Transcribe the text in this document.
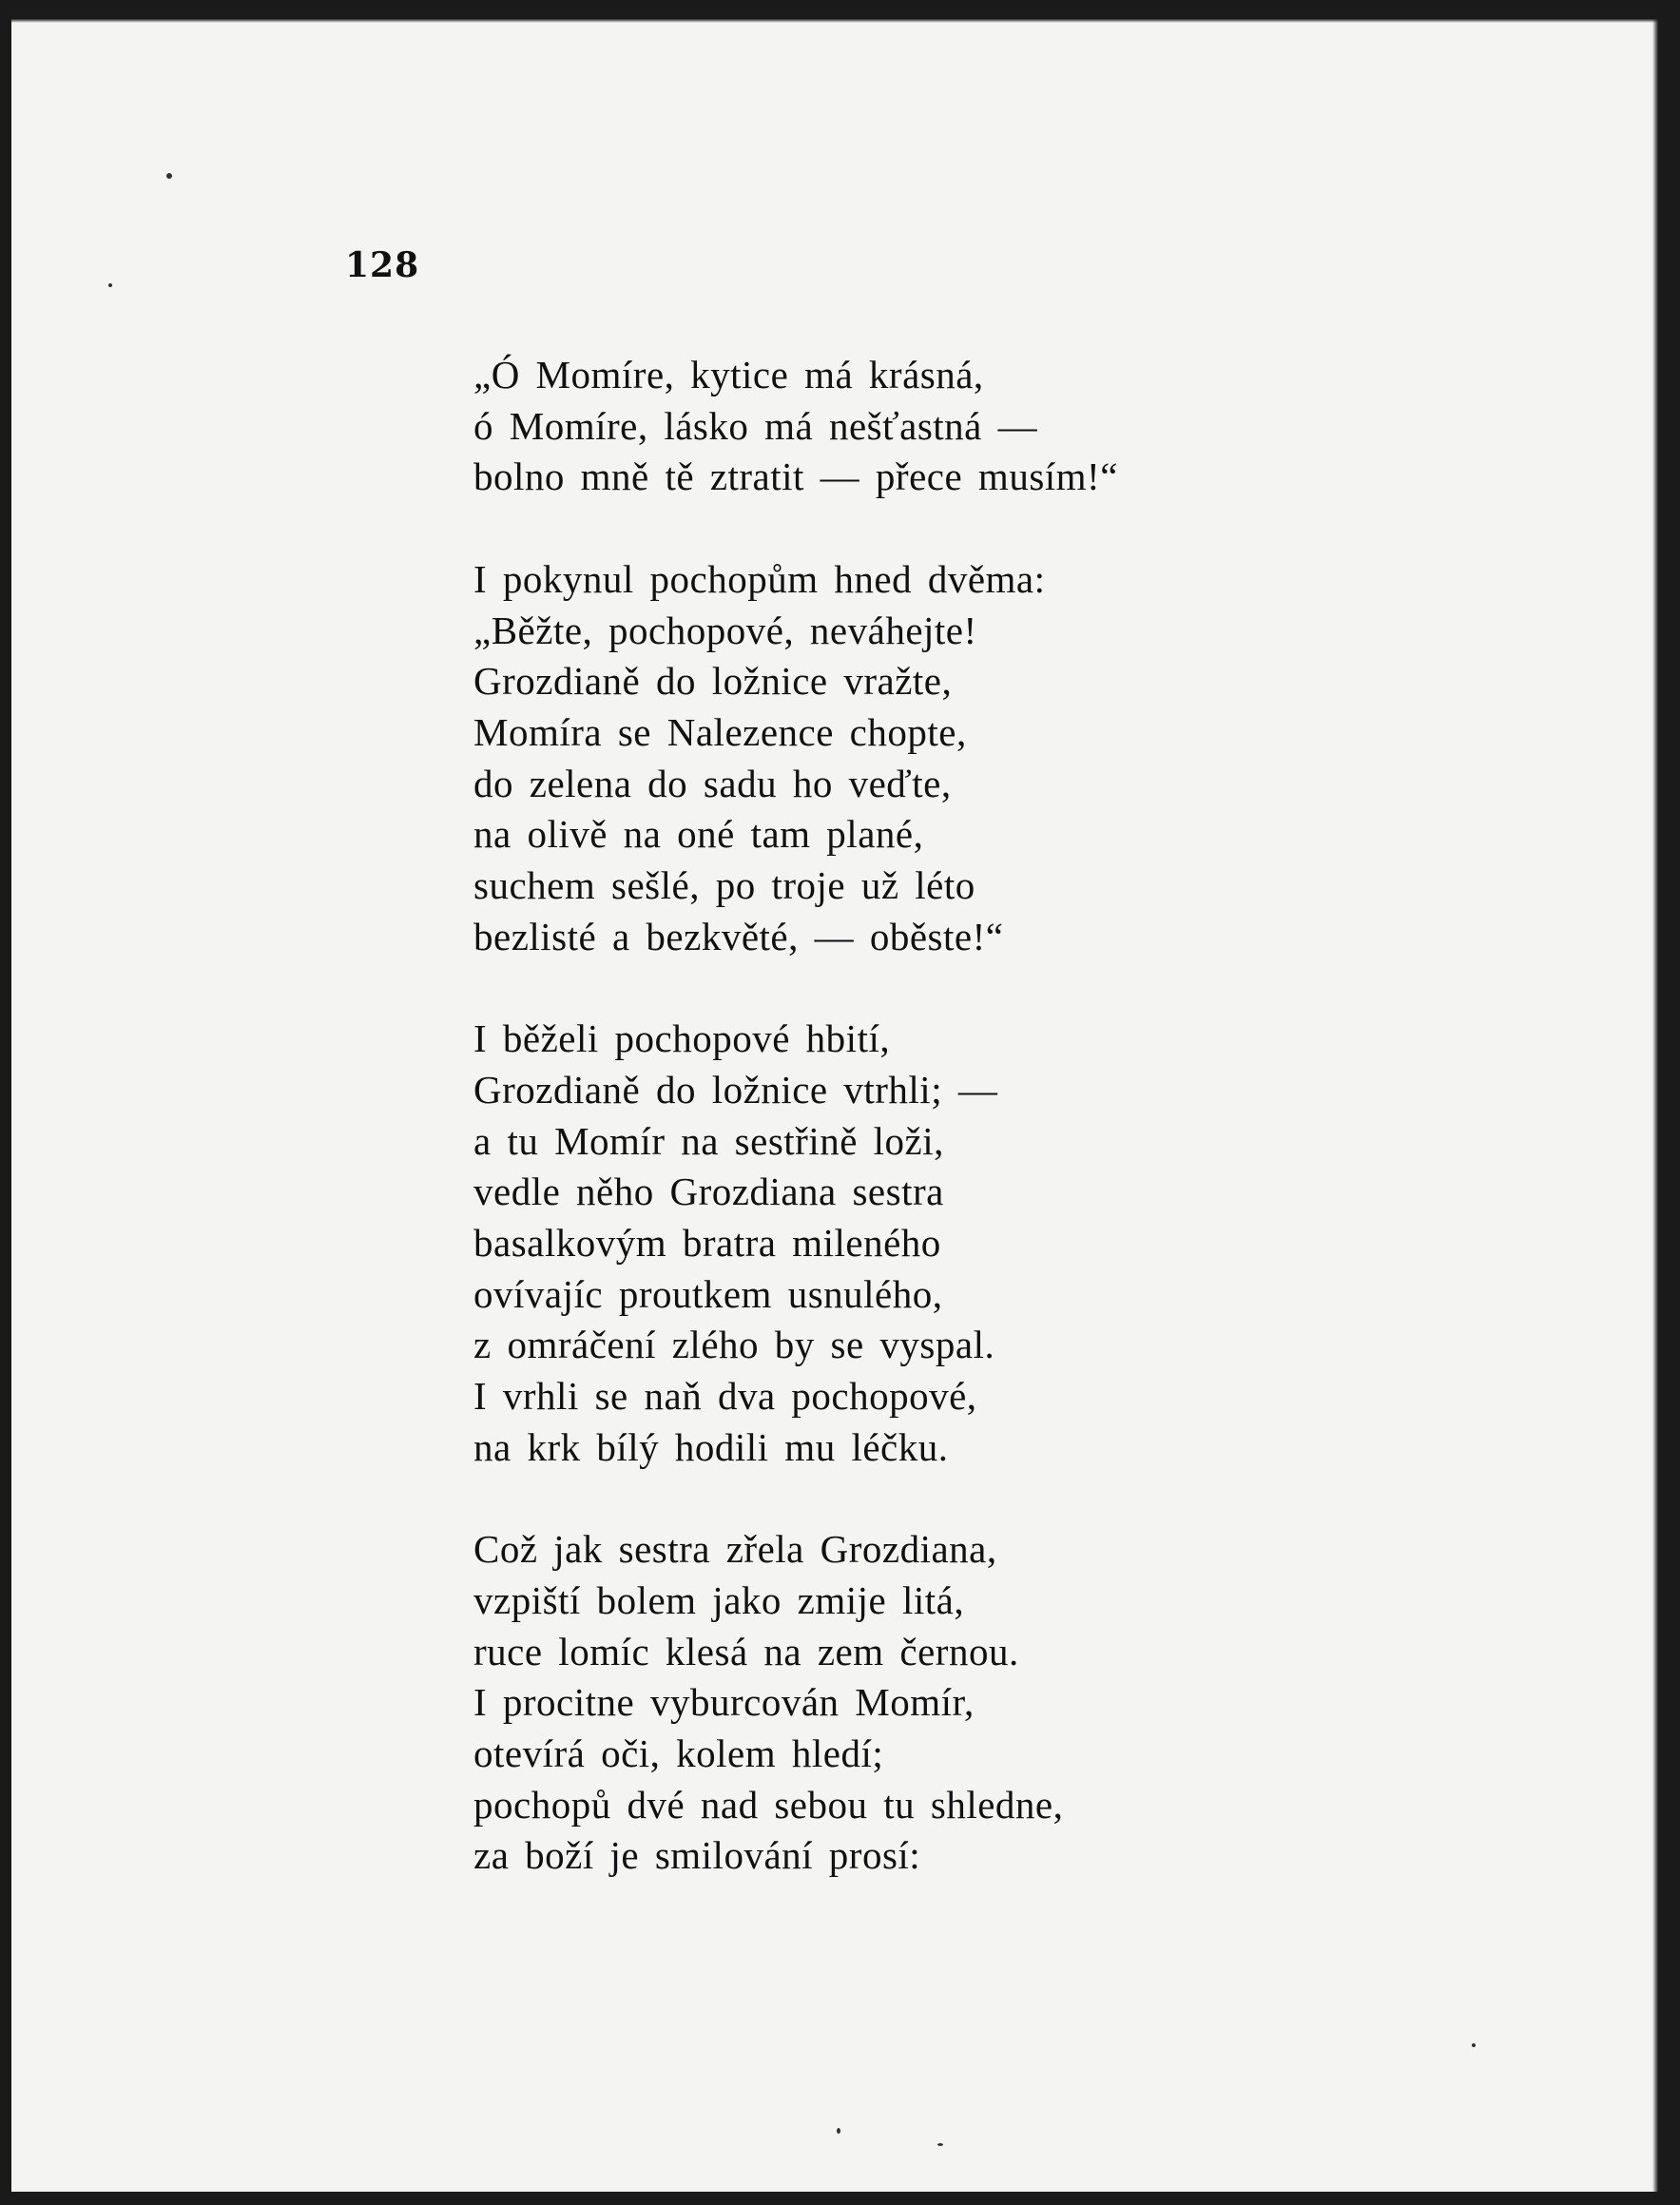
128

„Ó Momíre, kytice má krásná,
ó Momíre, lásko má nešťastná —
bolno mně tě ztratit — přece musím!“
I pokynul pochopům hned dvěma:
„Běžte, pochopové, neváhejte!
Grozdianě do ložnice vražte,
Momíra se Nalezence chopte,
do zelena do sadu ho veďte,
na olivě na oné tam plané,
suchem sešlé, po troje už léto
bezlisté a bezkvěté, — oběste!“
I běželi pochopové hbití,
Grozdianě do ložnice vtrhli; —
a tu Momír na sestřině loži,
vedle něho Grozdiana sestra
basalkovým bratra mileného
ovívajíc proutkem usnulého,
z omráčení zlého by se vyspal.
I vrhli se naň dva pochopové,
na krk bílý hodili mu léčku.
Což jak sestra zřela Grozdiana,
vzpiští bolem jako zmije litá,
ruce lomíc klesá na zem černou.
I procitne vyburcován Momír,
otevírá oči, kolem hledí;
pochopů dvé nad sebou tu shledne,
za boží je smilování prosí:
